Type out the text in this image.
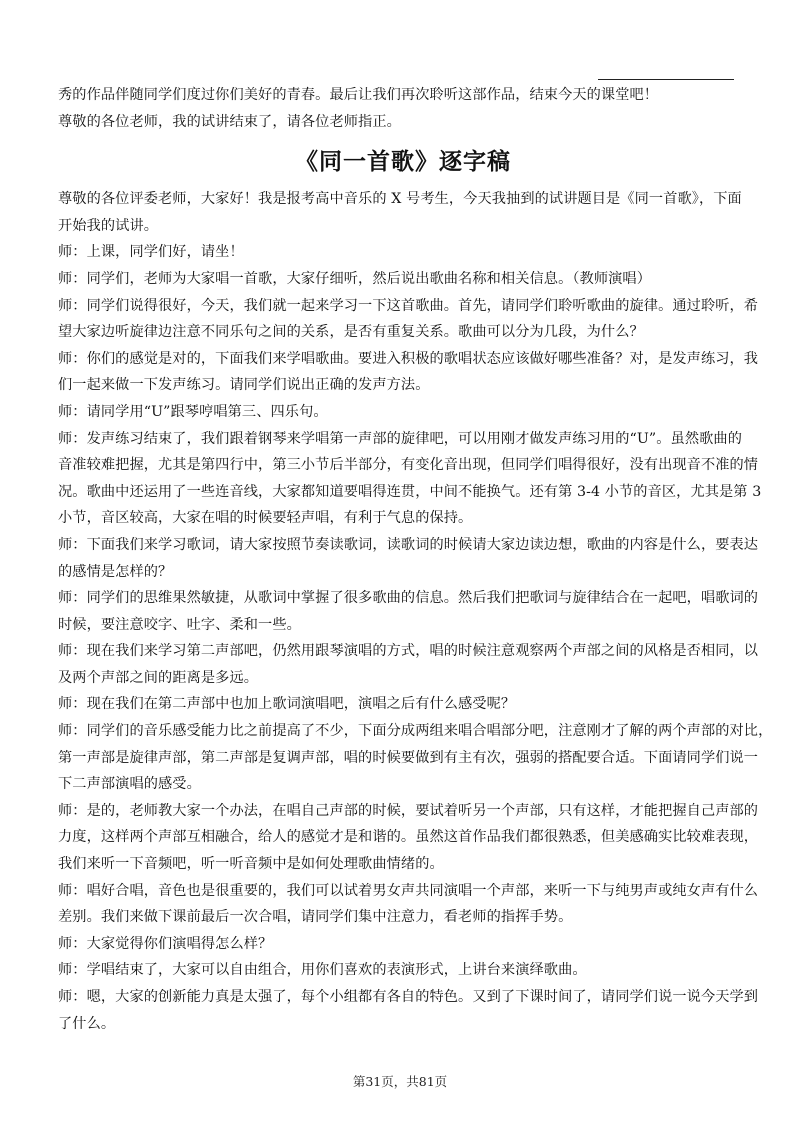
秀的作品伴随同学们度过你们美好的青春。最后让我们再次聆听这部作品，结束今天的课堂吧！

尊敬的各位老师，我的试讲结束了，请各位老师指正。

《同一首歌》逐字稿

尊敬的各位评委老师，大家好！我是报考高中音乐的 X 号考生，今天我抽到的试讲题目是《同一首歌》，下面

开始我的试讲。

师：上课，同学们好，请坐！

师：同学们，老师为大家唱一首歌，大家仔细听，然后说出歌曲名称和相关信息。（教师演唱）

师：同学们说得很好，今天，我们就一起来学习一下这首歌曲。首先，请同学们聆听歌曲的旋律。通过聆听，希

望大家边听旋律边注意不同乐句之间的关系，是否有重复关系。歌曲可以分为几段，为什么？

师：你们的感觉是对的，下面我们来学唱歌曲。要进入积极的歌唱状态应该做好哪些准备？对，是发声练习，我

们一起来做一下发声练习。请同学们说出正确的发声方法。

师：请同学用“U”跟琴哼唱第三、四乐句。

师：发声练习结束了，我们跟着钢琴来学唱第一声部的旋律吧，可以用刚才做发声练习用的“U”。虽然歌曲的

音准较难把握，尤其是第四行中，第三小节后半部分，有变化音出现，但同学们唱得很好，没有出现音不准的情

况。歌曲中还运用了一些连音线，大家都知道要唱得连贯，中间不能换气。还有第 3-4 小节的音区，尤其是第 3

小节，音区较高，大家在唱的时候要轻声唱，有利于气息的保持。

师：下面我们来学习歌词，请大家按照节奏读歌词，读歌词的时候请大家边读边想，歌曲的内容是什么，要表达

的感情是怎样的？

师：同学们的思维果然敏捷，从歌词中掌握了很多歌曲的信息。然后我们把歌词与旋律结合在一起吧，唱歌词的

时候，要注意咬字、吐字、柔和一些。

师：现在我们来学习第二声部吧，仍然用跟琴演唱的方式，唱的时候注意观察两个声部之间的风格是否相同，以

及两个声部之间的距离是多远。

师：现在我们在第二声部中也加上歌词演唱吧，演唱之后有什么感受呢？

师：同学们的音乐感受能力比之前提高了不少，下面分成两组来唱合唱部分吧，注意刚才了解的两个声部的对比，

第一声部是旋律声部，第二声部是复调声部，唱的时候要做到有主有次，强弱的搭配要合适。下面请同学们说一

下二声部演唱的感受。

师：是的，老师教大家一个办法，在唱自己声部的时候，要试着听另一个声部，只有这样，才能把握自己声部的

力度，这样两个声部互相融合，给人的感觉才是和谐的。虽然这首作品我们都很熟悉，但美感确实比较难表现，

我们来听一下音频吧，听一听音频中是如何处理歌曲情绪的。

师：唱好合唱，音色也是很重要的，我们可以试着男女声共同演唱一个声部，来听一下与纯男声或纯女声有什么

差别。我们来做下课前最后一次合唱，请同学们集中注意力，看老师的指挥手势。

师：大家觉得你们演唱得怎么样？

师：学唱结束了，大家可以自由组合，用你们喜欢的表演形式，上讲台来演绎歌曲。

师：嗯，大家的创新能力真是太强了，每个小组都有各自的特色。又到了下课时间了，请同学们说一说今天学到

了什么。

第31页，共81页
